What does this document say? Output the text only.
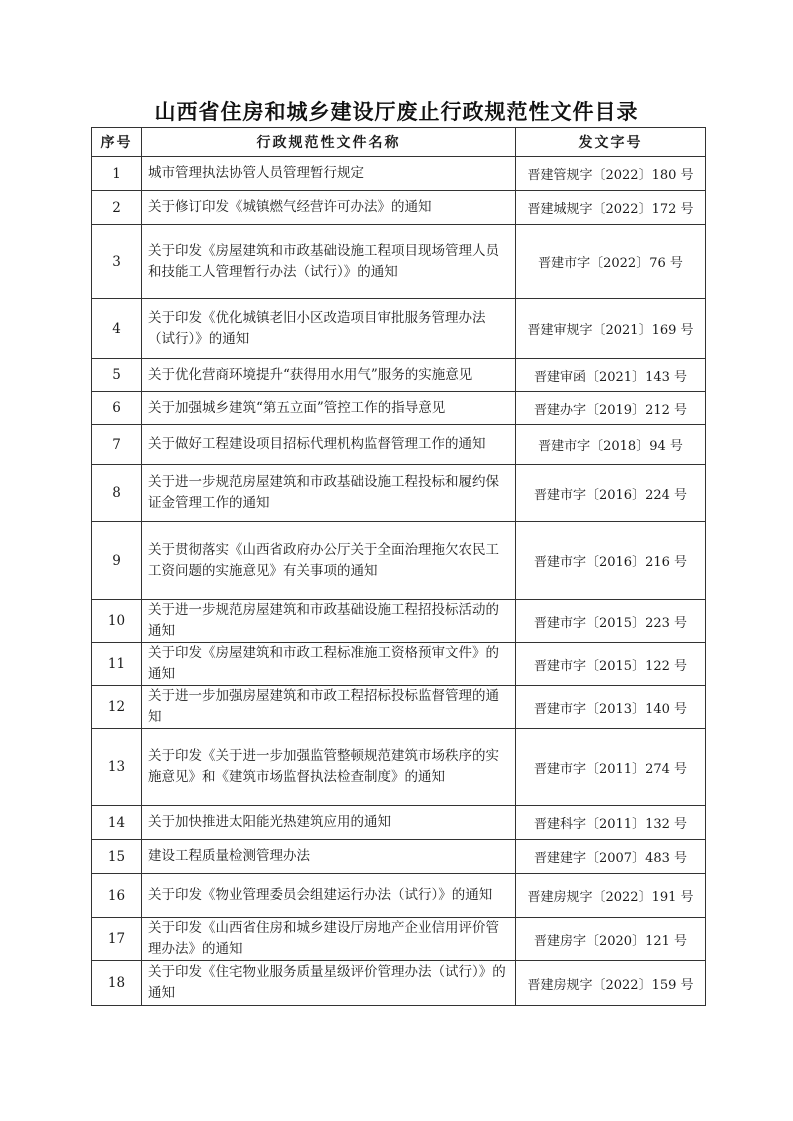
山西省住房和城乡建设厅废止行政规范性文件目录
序号	行政规范性文件名称	发文字号
1	城市管理执法协管人员管理暂行规定	晋建管规字〔2022〕180 号
2	关于修订印发《城镇燃气经营许可办法》的通知	晋建城规字〔2022〕172 号
3	关于印发《房屋建筑和市政基础设施工程项目现场管理人员和技能工人管理暂行办法（试行）》的通知	晋建市字〔2022〕76 号
4	关于印发《优化城镇老旧小区改造项目审批服务管理办法（试行）》的通知	晋建审规字〔2021〕169 号
5	关于优化营商环境提升“获得用水用气”服务的实施意见	晋建审函〔2021〕143 号
6	关于加强城乡建筑“第五立面”管控工作的指导意见	晋建办字〔2019〕212 号
7	关于做好工程建设项目招标代理机构监督管理工作的通知	晋建市字〔2018〕94 号
8	关于进一步规范房屋建筑和市政基础设施工程投标和履约保证金管理工作的通知	晋建市字〔2016〕224 号
9	关于贯彻落实《山西省政府办公厅关于全面治理拖欠农民工工资问题的实施意见》有关事项的通知	晋建市字〔2016〕216 号
10	关于进一步规范房屋建筑和市政基础设施工程招投标活动的通知	晋建市字〔2015〕223 号
11	关于印发《房屋建筑和市政工程标准施工资格预审文件》的通知	晋建市字〔2015〕122 号
12	关于进一步加强房屋建筑和市政工程招标投标监督管理的通知	晋建市字〔2013〕140 号
13	关于印发《关于进一步加强监管整顿规范建筑市场秩序的实施意见》和《建筑市场监督执法检查制度》的通知	晋建市字〔2011〕274 号
14	关于加快推进太阳能光热建筑应用的通知	晋建科字〔2011〕132 号
15	建设工程质量检测管理办法	晋建建字〔2007〕483 号
16	关于印发《物业管理委员会组建运行办法（试行）》的通知	晋建房规字〔2022〕191 号
17	关于印发《山西省住房和城乡建设厅房地产企业信用评价管理办法》的通知	晋建房字〔2020〕121 号
18	关于印发《住宅物业服务质量星级评价管理办法（试行）》的通知	晋建房规字〔2022〕159 号
